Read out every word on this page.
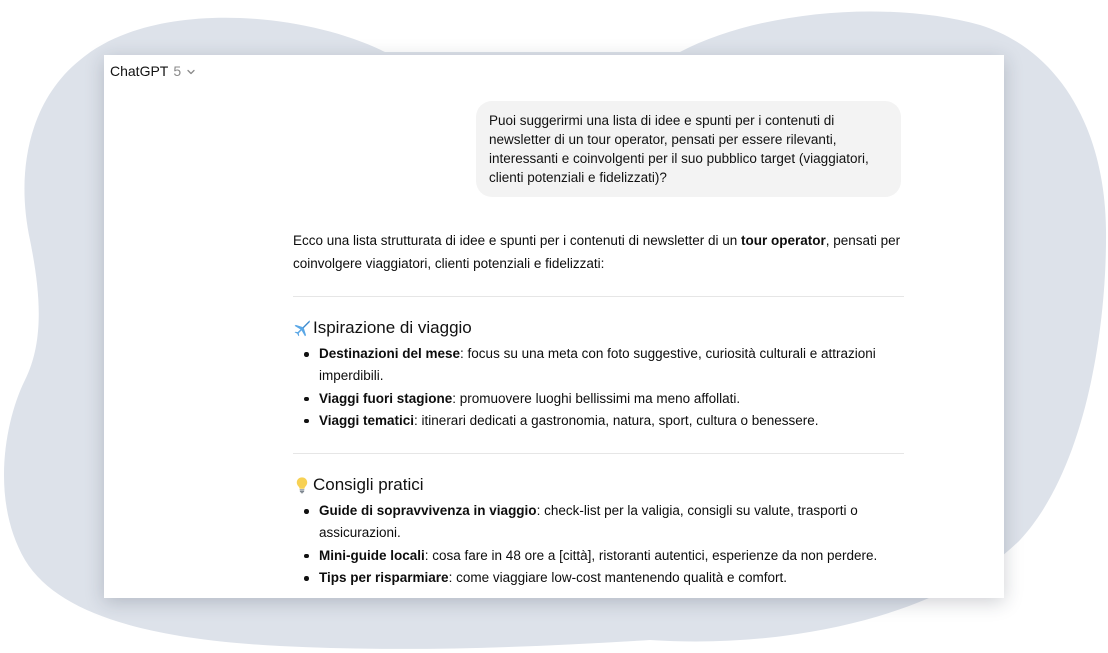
ChatGPT 5
Puoi suggerirmi una lista di idee e spunti per i contenuti di newsletter di un tour operator, pensati per essere rilevanti, interessanti e coinvolgenti per il suo pubblico target (viaggiatori, clienti potenziali e fidelizzati)?

Ecco una lista strutturata di idee e spunti per i contenuti di newsletter di un tour operator, pensati per coinvolgere viaggiatori, clienti potenziali e fidelizzati:

Ispirazione di viaggio
Destinazioni del mese: focus su una meta con foto suggestive, curiosità culturali e attrazioni imperdibili.
Viaggi fuori stagione: promuovere luoghi bellissimi ma meno affollati.
Viaggi tematici: itinerari dedicati a gastronomia, natura, sport, cultura o benessere.
Consigli pratici
Guide di sopravvivenza in viaggio: check-list per la valigia, consigli su valute, trasporti o assicurazioni.
Mini-guide locali: cosa fare in 48 ore a [città], ristoranti autentici, esperienze da non perdere.
Tips per risparmiare: come viaggiare low-cost mantenendo qualità e comfort.
